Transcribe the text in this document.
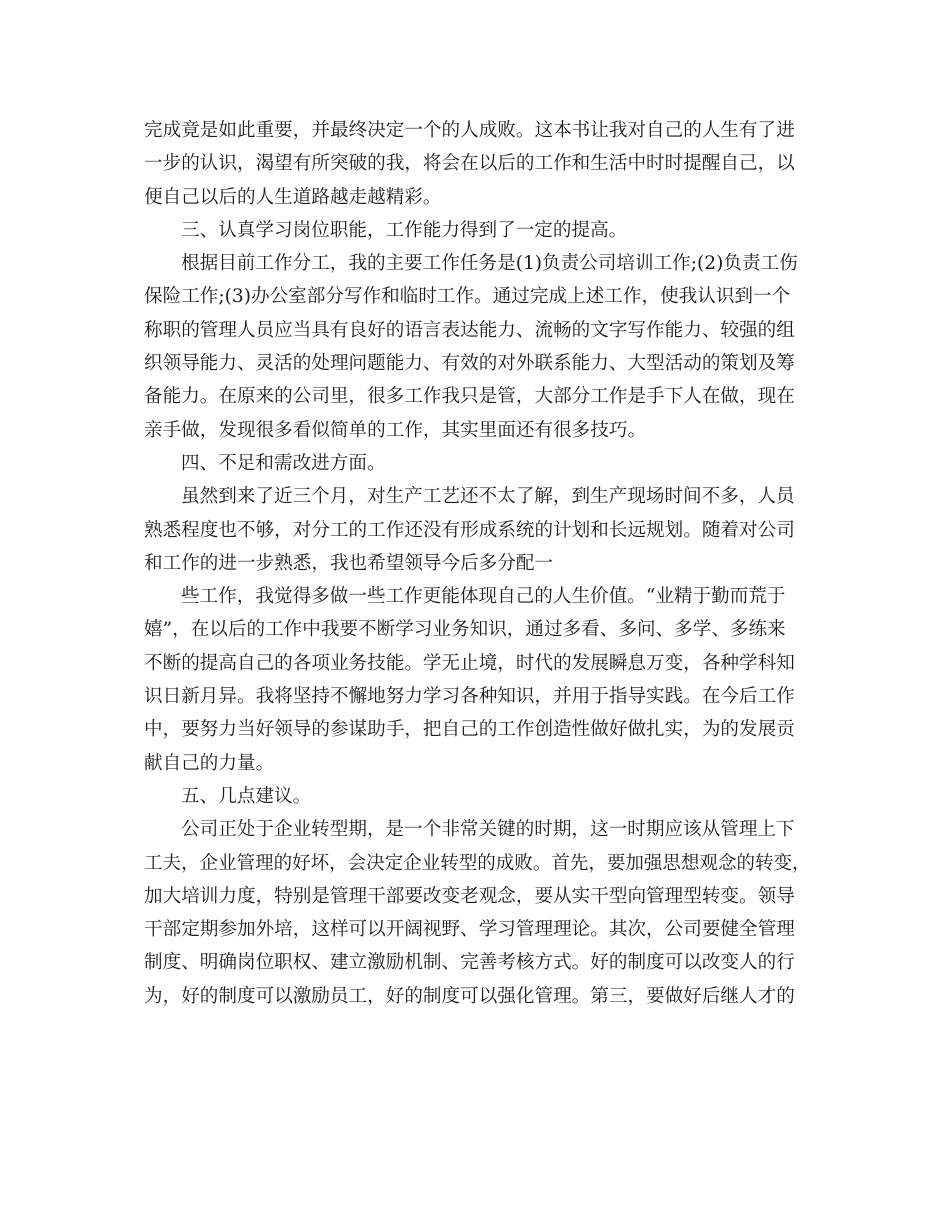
完成竟是如此重要，并最终决定一个的人成败。这本书让我对自己的人生有了进
一步的认识，渴望有所突破的我，将会在以后的工作和生活中时时提醒自己，以
便自己以后的人生道路越走越精彩。
三、认真学习岗位职能，工作能力得到了一定的提高。
根据目前工作分工，我的主要工作任务是(1)负责公司培训工作;(2)负责工伤
保险工作;(3)办公室部分写作和临时工作。通过完成上述工作，使我认识到一个
称职的管理人员应当具有良好的语言表达能力、流畅的文字写作能力、较强的组
织领导能力、灵活的处理问题能力、有效的对外联系能力、大型活动的策划及筹
备能力。在原来的公司里，很多工作我只是管，大部分工作是手下人在做，现在
亲手做，发现很多看似简单的工作，其实里面还有很多技巧。
四、不足和需改进方面。
虽然到来了近三个月，对生产工艺还不太了解，到生产现场时间不多，人员
熟悉程度也不够，对分工的工作还没有形成系统的计划和长远规划。随着对公司
和工作的进一步熟悉，我也希望领导今后多分配一
些工作，我觉得多做一些工作更能体现自己的人生价值。“业精于勤而荒于
嬉”，在以后的工作中我要不断学习业务知识，通过多看、多问、多学、多练来
不断的提高自己的各项业务技能。学无止境，时代的发展瞬息万变，各种学科知
识日新月异。我将坚持不懈地努力学习各种知识，并用于指导实践。在今后工作
中，要努力当好领导的参谋助手，把自己的工作创造性做好做扎实，为的发展贡
献自己的力量。
五、几点建议。
公司正处于企业转型期，是一个非常关键的时期，这一时期应该从管理上下
工夫，企业管理的好坏，会决定企业转型的成败。首先，要加强思想观念的转变，
加大培训力度，特别是管理干部要改变老观念，要从实干型向管理型转变。领导
干部定期参加外培，这样可以开阔视野、学习管理理论。其次，公司要健全管理
制度、明确岗位职权、建立激励机制、完善考核方式。好的制度可以改变人的行
为，好的制度可以激励员工，好的制度可以强化管理。第三，要做好后继人才的
